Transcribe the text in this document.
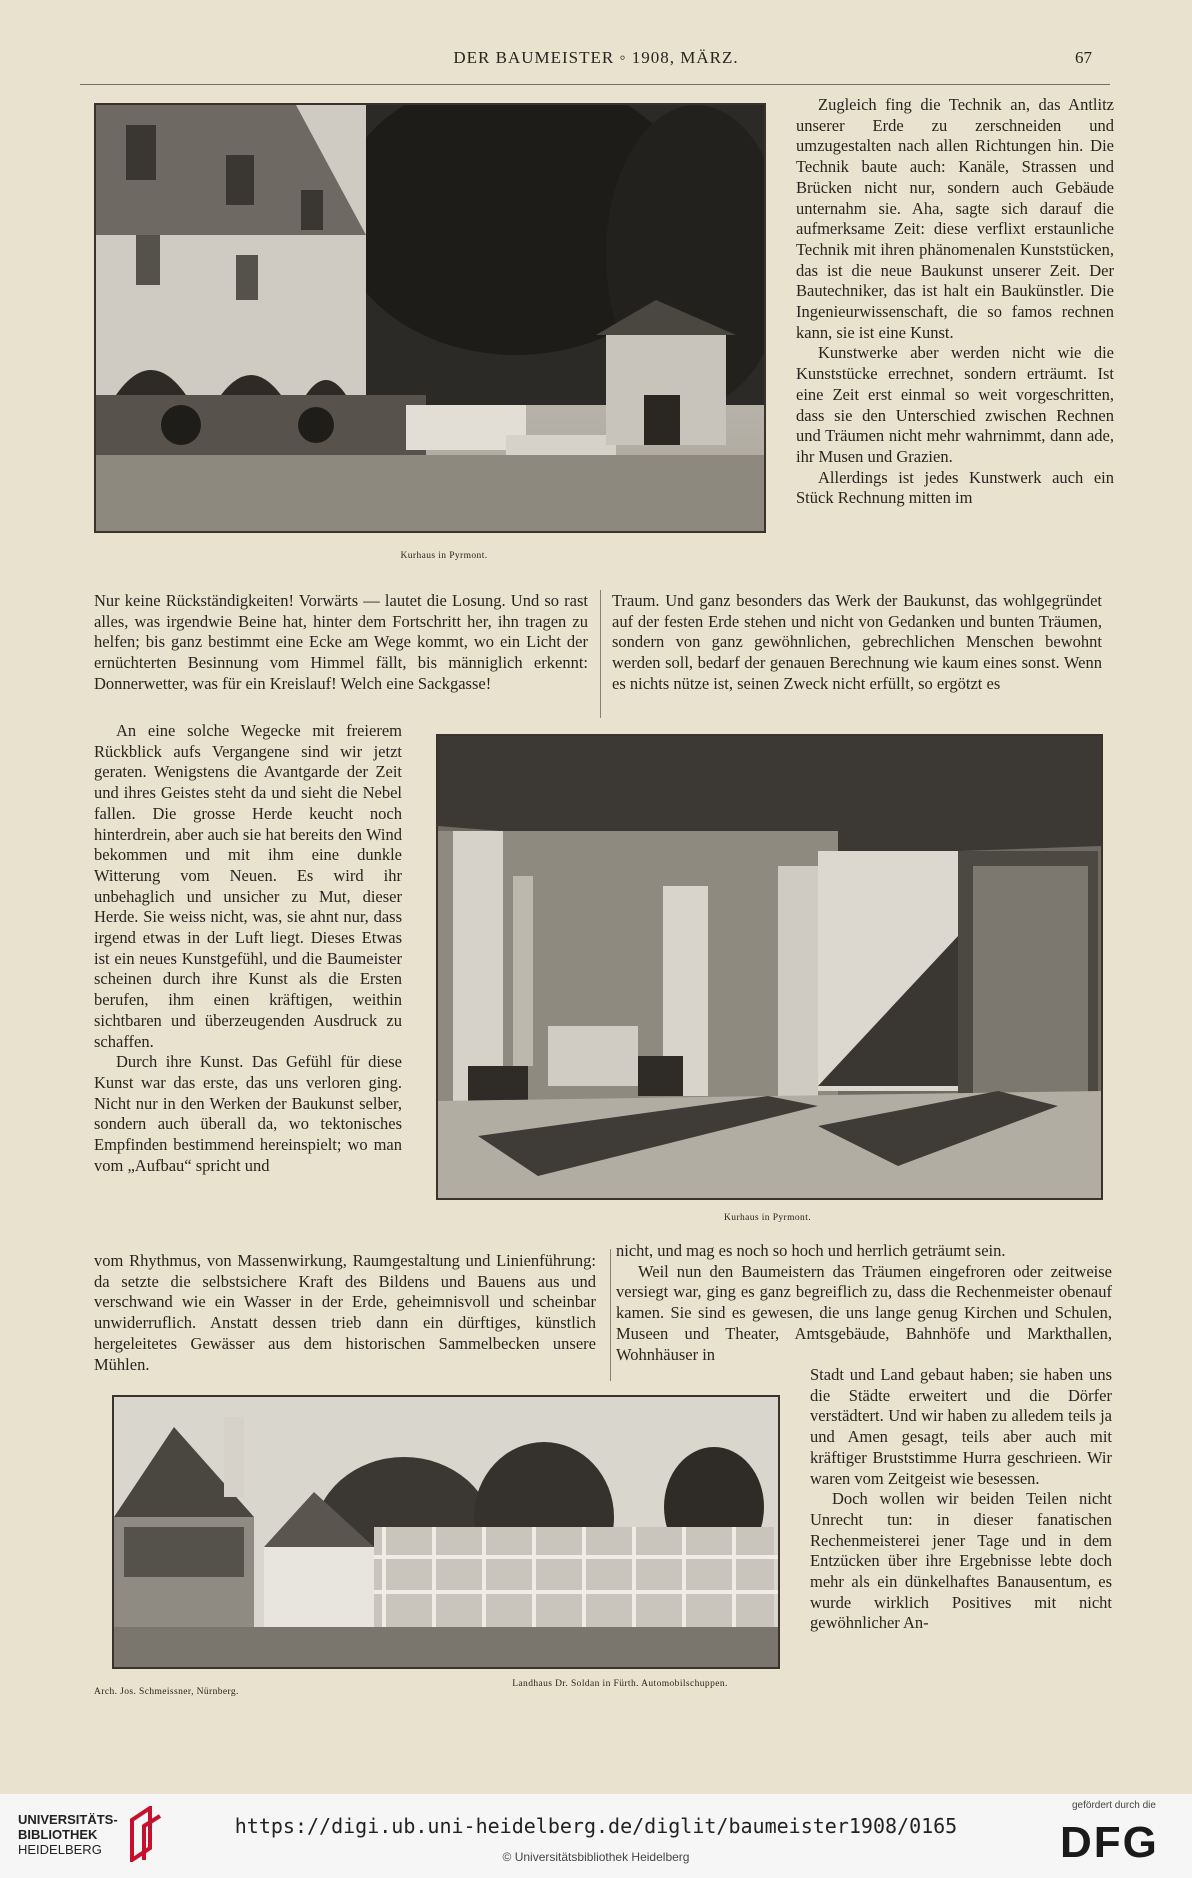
DER BAUMEISTER ◦ 1908, MÄRZ.	67
Kurhaus in Pyrmont.

Zugleich fing die Technik an, das Antlitz unserer Erde zu zerschneiden und umzugestalten nach allen Richtungen hin. Die Technik baute auch: Kanäle, Strassen und Brücken nicht nur, sondern auch Gebäude unternahm sie. Aha, sagte sich darauf die aufmerksame Zeit: diese verflixt erstaunliche Technik mit ihren phänomenalen Kunststücken, das ist die neue Baukunst unserer Zeit. Der Bautechniker, das ist halt ein Baukünstler. Die Ingenieurwissenschaft, die so famos rechnen kann, sie ist eine Kunst.

Kunstwerke aber werden nicht wie die Kunststücke errechnet, sondern erträumt. Ist eine Zeit erst einmal so weit vorgeschritten, dass sie den Unterschied zwischen Rechnen und Träumen nicht mehr wahrnimmt, dann ade, ihr Musen und Grazien.

Allerdings ist jedes Kunstwerk auch ein Stück Rechnung mitten im

Nur keine Rückständigkeiten! Vorwärts — lautet die Losung. Und so rast alles, was irgendwie Beine hat, hinter dem Fortschritt her, ihn tragen zu helfen; bis ganz bestimmt eine Ecke am Wege kommt, wo ein Licht der ernüchterten Besinnung vom Himmel fällt, bis männiglich erkennt: Donnerwetter, was für ein Kreislauf! Welch eine Sackgasse!
Traum. Und ganz besonders das Werk der Baukunst, das wohlgegründet auf der festen Erde stehen und nicht von Gedanken und bunten Träumen, sondern von ganz gewöhnlichen, gebrechlichen Menschen bewohnt werden soll, bedarf der genauen Berechnung wie kaum eines sonst. Wenn es nichts nütze ist, seinen Zweck nicht erfüllt, so ergötzt es

An eine solche Wegecke mit freierem Rückblick aufs Vergangene sind wir jetzt geraten. Wenigstens die Avantgarde der Zeit und ihres Geistes steht da und sieht die Nebel fallen. Die grosse Herde keucht noch hinterdrein, aber auch sie hat bereits den Wind bekommen und mit ihm eine dunkle Witterung vom Neuen. Es wird ihr unbehaglich und unsicher zu Mut, dieser Herde. Sie weiss nicht, was, sie ahnt nur, dass irgend etwas in der Luft liegt. Dieses Etwas ist ein neues Kunstgefühl, und die Baumeister scheinen durch ihre Kunst als die Ersten berufen, ihm einen kräftigen, weithin sichtbaren und überzeugenden Ausdruck zu schaffen.

Durch ihre Kunst. Das Gefühl für diese Kunst war das erste, das uns verloren ging. Nicht nur in den Werken der Baukunst selber, sondern auch überall da, wo tektonisches Empfinden bestimmend hereinspielt; wo man vom „Aufbau“ spricht und

Kurhaus in Pyrmont.
vom Rhythmus, von Massenwirkung, Raumgestaltung und Linienführung: da setzte die selbstsichere Kraft des Bildens und Bauens aus und verschwand wie ein Wasser in der Erde, geheimnisvoll und scheinbar unwiderruflich. Anstatt dessen trieb dann ein dürftiges, künstlich hergeleitetes Gewässer aus dem historischen Sammelbecken unsere Mühlen.

nicht, und mag es noch so hoch und herrlich geträumt sein.

Weil nun den Baumeistern das Träumen eingefroren oder zeitweise versiegt war, ging es ganz begreiflich zu, dass die Rechenmeister obenauf kamen. Sie sind es gewesen, die uns lange genug Kirchen und Schulen, Museen und Theater, Amtsgebäude, Bahnhöfe und Markthallen, Wohnhäuser in

Arch. Jos. Schmeissner, Nürnberg.
Landhaus Dr. Soldan in Fürth. Automobilschuppen.

Stadt und Land gebaut haben; sie haben uns die Städte erweitert und die Dörfer verstädtert. Und wir haben zu alledem teils ja und Amen gesagt, teils aber auch mit kräftiger Bruststimme Hurra geschrieen. Wir waren vom Zeitgeist wie besessen.

Doch wollen wir beiden Teilen nicht Unrecht tun: in dieser fanatischen Rechenmeisterei jener Tage und in dem Entzücken über ihre Ergebnisse lebte doch mehr als ein dünkelhaftes Banausentum, es wurde wirklich Positives mit nicht gewöhnlicher An-

UNIVERSITÄTS-
BIBLIOTHEK
HEIDELBERG
https://digi.ub.uni-heidelberg.de/diglit/baumeister1908/0165
© Universitätsbibliothek Heidelberg
gefördert durch die
DFG
